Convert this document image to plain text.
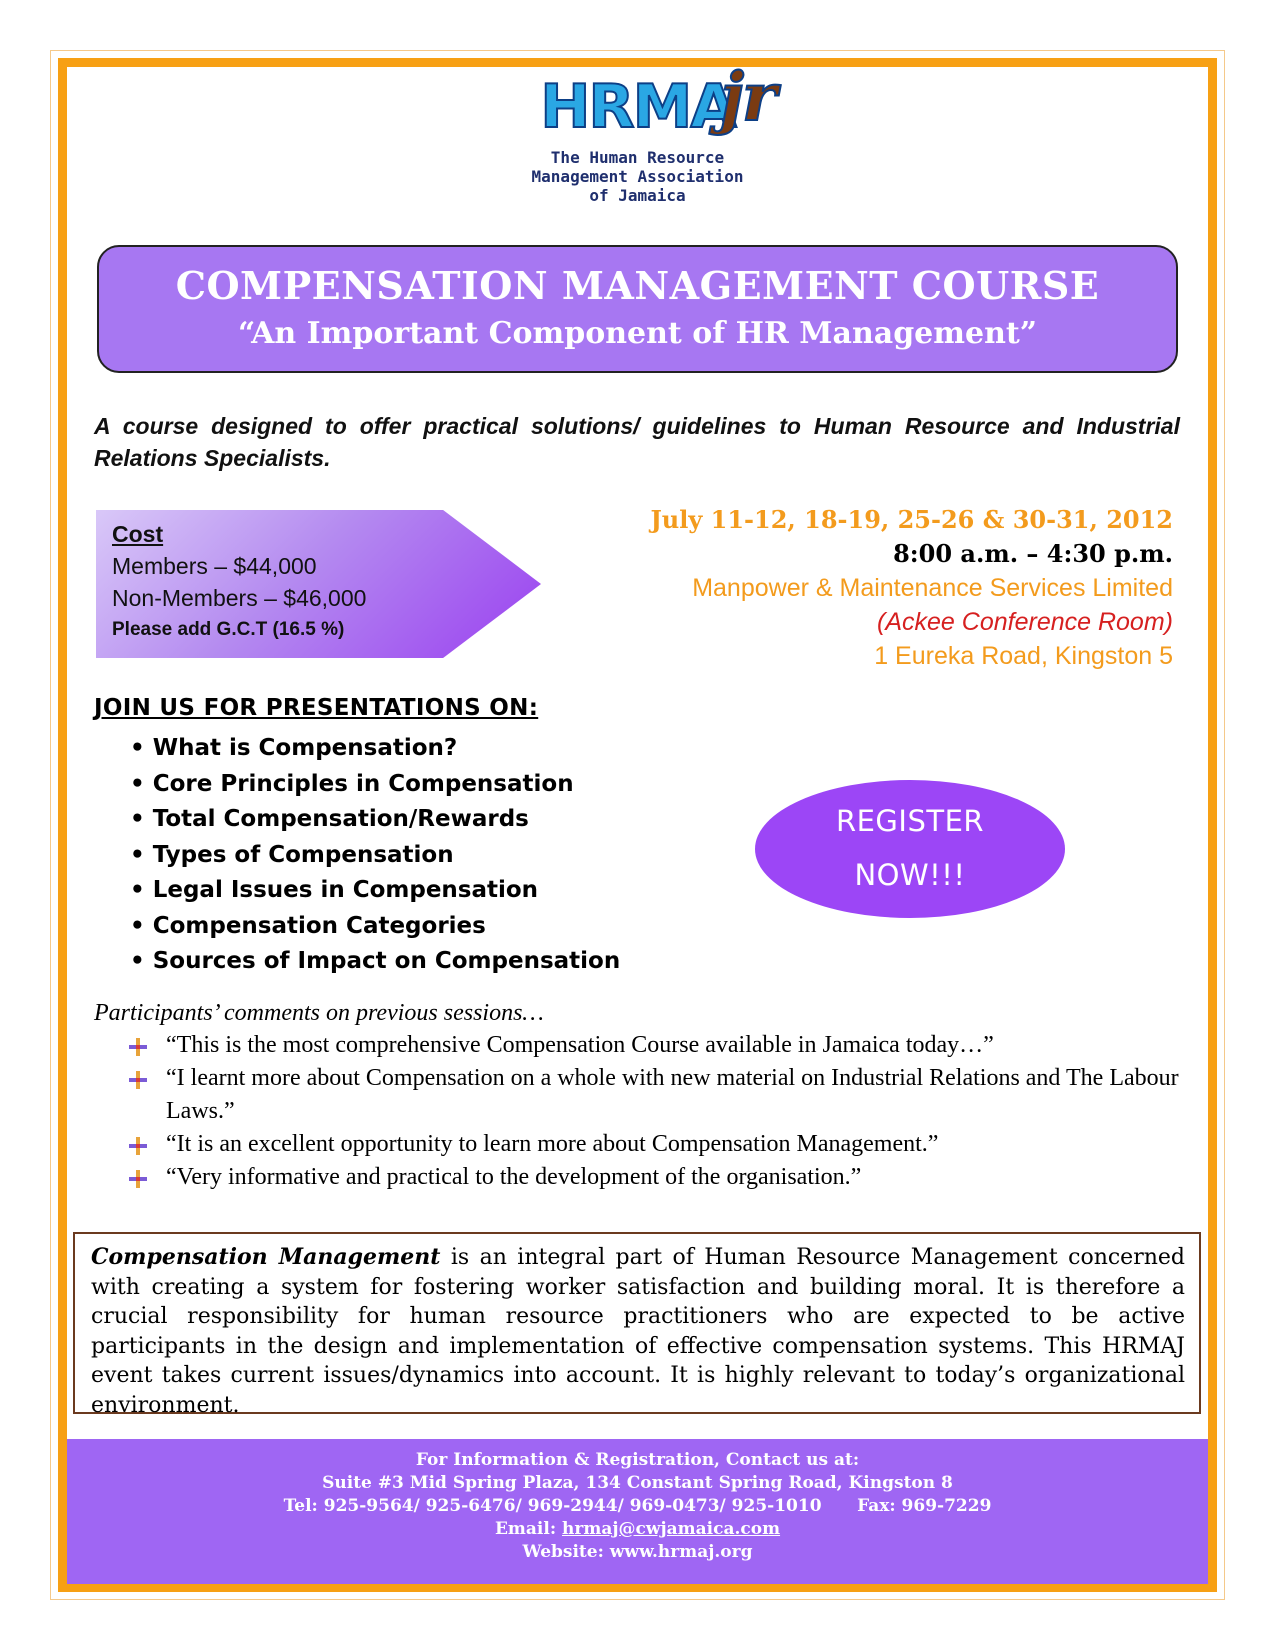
HRMA
jr
The Human Resource
Management Association
of Jamaica
COMPENSATION MANAGEMENT COURSE
“An Important Component of HR Management”
A course designed to offer practical solutions/ guidelines to Human Resource and Industrial Relations Specialists.
Cost
Members – $44,000
Non-Members – $46,000
Please add G.C.T (16.5 %)
July 11-12, 18-19, 25-26 & 30-31, 2012
8:00 a.m. – 4:30 p.m.
Manpower & Maintenance Services Limited
(Ackee Conference Room)
1 Eureka Road, Kingston 5
JOIN US FOR PRESENTATIONS ON:
• What is Compensation?
• Core Principles in Compensation
• Total Compensation/Rewards
• Types of Compensation
• Legal Issues in Compensation
• Compensation Categories
• Sources of Impact on Compensation
REGISTER
NOW!!!
Participants’ comments on previous sessions…
“This is the most comprehensive Compensation Course available in Jamaica today…”
“I learnt more about Compensation on a whole with new material on Industrial Relations and The Labour Laws.”
“It is an excellent opportunity to learn more about Compensation Management.”
“Very informative and practical to the development of the organisation.”
Compensation Management is an integral part of Human Resource Management concerned with creating a system for fostering worker satisfaction and building moral. It is therefore a crucial responsibility for human resource practitioners who are expected to be active participants in the design and implementation of effective compensation systems. This HRMAJ event takes current issues/dynamics into account. It is highly relevant to today’s organizational environment.
For Information & Registration, Contact us at:
Suite #3 Mid Spring Plaza, 134 Constant Spring Road, Kingston 8
Tel: 925-9564/ 925-6476/ 969-2944/ 969-0473/ 925-1010 Fax: 969-7229
Email: hrmaj@cwjamaica.com
Website: www.hrmaj.org
